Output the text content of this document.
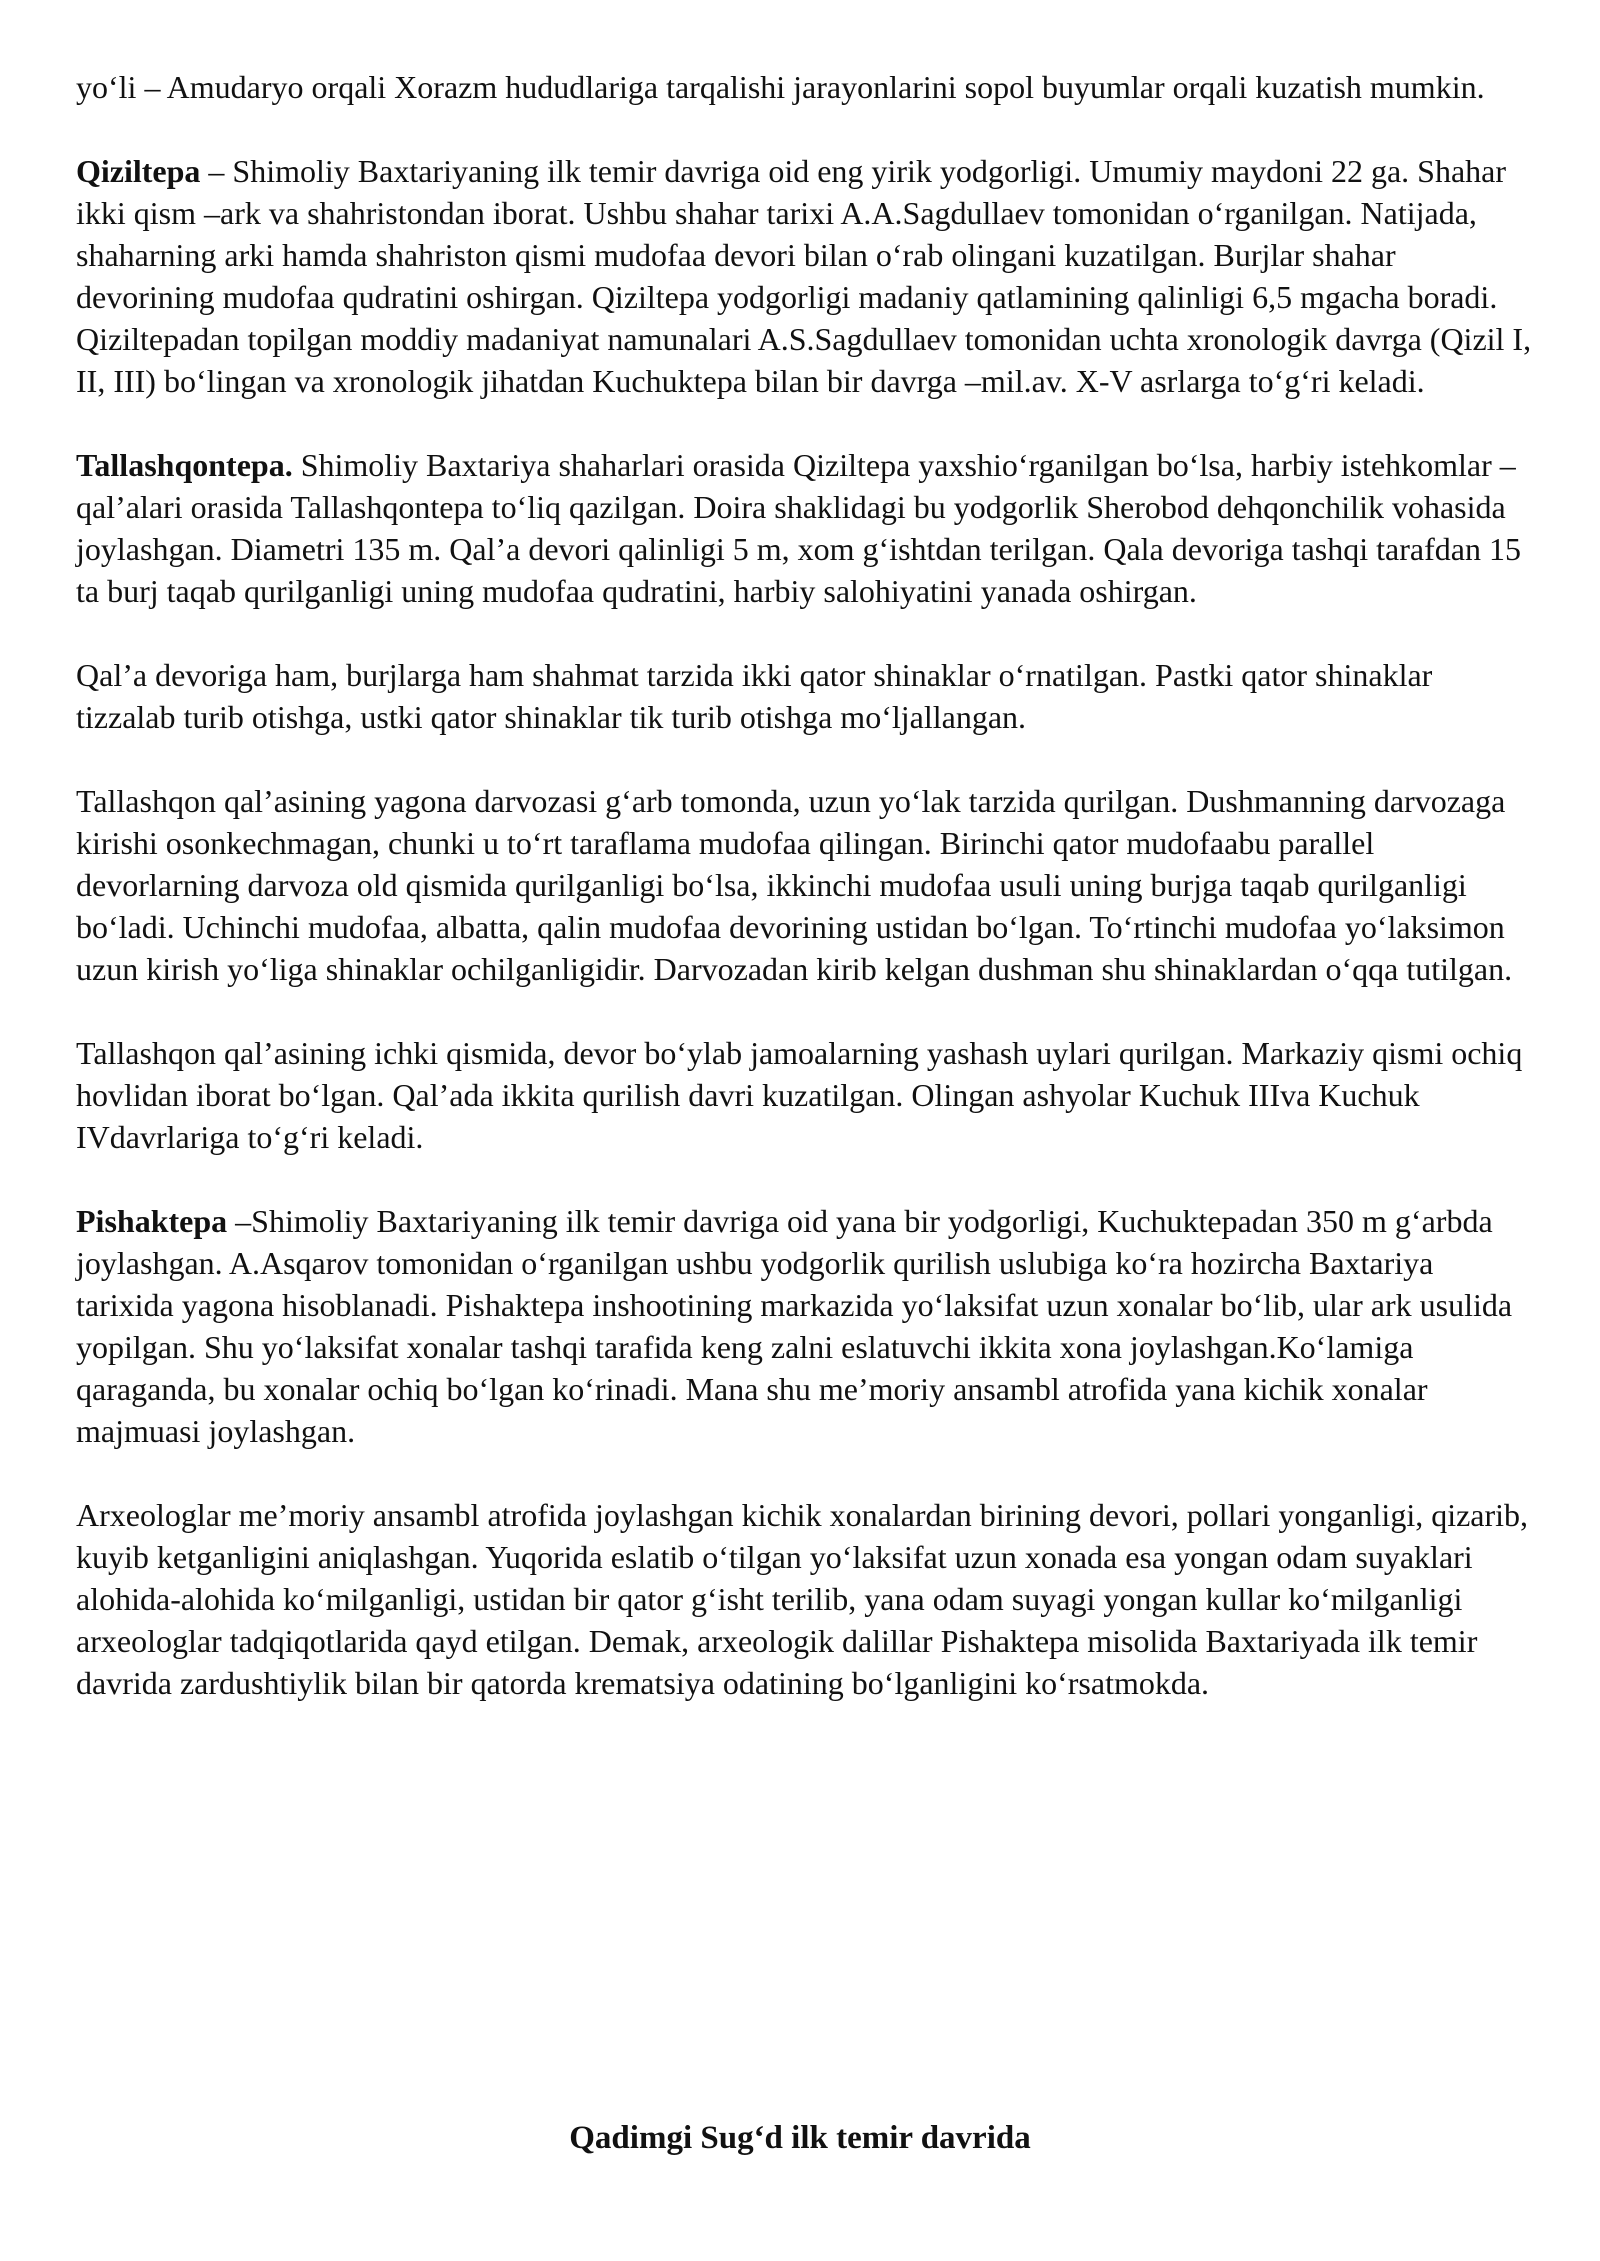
yo‘li – Amudaryo orqali Xorazm hududlariga tarqalishi jarayonlarini sopol buyumlar orqali kuzatish mumkin.

Qiziltepa – Shimoliy Baxtariyaning ilk temir davriga oid eng yirik yodgorligi. Umumiy maydoni 22 ga. Shahar ikki qism –ark va shahristondan iborat. Ushbu shahar tarixi A.A.Sagdullaev tomonidan o‘rganilgan. Natijada, shaharning arki hamda shahriston qismi mudofaa devori bilan o‘rab olingani kuzatilgan. Burjlar shahar devorining mudofaa qudratini oshirgan. Qiziltepa yodgorligi madaniy qatlamining qalinligi 6,5 mgacha boradi. Qiziltepadan topilgan moddiy madaniyat namunalari A.S.Sagdullaev tomonidan uchta xronologik davrga (Qizil I, II, III) bo‘lingan va xronologik jihatdan Kuchuktepa bilan bir davrga –mil.av. X-V asrlarga to‘g‘ri keladi.

Tallashqontepa. Shimoliy Baxtariya shaharlari orasida Qiziltepa yaxshio‘rganilgan bo‘lsa, harbiy istehkomlar – qal’alari orasida Tallashqontepa to‘liq qazilgan. Doira shaklidagi bu yodgorlik Sherobod dehqonchilik vohasida joylashgan. Diametri 135 m. Qal’a devori qalinligi 5 m, xom g‘ishtdan terilgan. Qala devoriga tashqi tarafdan 15 ta burj taqab qurilganligi uning mudofaa qudratini, harbiy salohiyatini yanada oshirgan.

Qal’a devoriga ham, burjlarga ham shahmat tarzida ikki qator shinaklar o‘rnatilgan. Pastki qator shinaklar tizzalab turib otishga, ustki qator shinaklar tik turib otishga mo‘ljallangan.

Tallashqon qal’asining yagona darvozasi g‘arb tomonda, uzun yo‘lak tarzida qurilgan. Dushmanning darvozaga kirishi osonkechmagan, chunki u to‘rt taraflama mudofaa qilingan. Birinchi qator mudofaabu parallel devorlarning darvoza old qismida qurilganligi bo‘lsa, ikkinchi mudofaa usuli uning burjga taqab qurilganligi bo‘ladi. Uchinchi mudofaa, albatta, qalin mudofaa devorining ustidan bo‘lgan. To‘rtinchi mudofaa yo‘laksimon uzun kirish yo‘liga shinaklar ochilganligidir. Darvozadan kirib kelgan dushman shu shinaklardan o‘qqa tutilgan.

Tallashqon qal’asining ichki qismida, devor bo‘ylab jamoalarning yashash uylari qurilgan. Markaziy qismi ochiq hovlidan iborat bo‘lgan. Qal’ada ikkita qurilish davri kuzatilgan. Olingan ashyolar Kuchuk IIIva Kuchuk IVdavrlariga to‘g‘ri keladi.

Pishaktepa –Shimoliy Baxtariyaning ilk temir davriga oid yana bir yodgorligi, Kuchuktepadan 350 m g‘arbda joylashgan. A.Asqarov tomonidan o‘rganilgan ushbu yodgorlik qurilish uslubiga ko‘ra hozircha Baxtariya tarixida yagona hisoblanadi. Pishaktepa inshootining markazida yo‘laksifat uzun xonalar bo‘lib, ular ark usulida yopilgan. Shu yo‘laksifat xonalar tashqi tarafida keng zalni eslatuvchi ikkita xona joylashgan.Ko‘lamiga qaraganda, bu xonalar ochiq bo‘lgan ko‘rinadi. Mana shu me’moriy ansambl atrofida yana kichik xonalar majmuasi joylashgan.

Arxeologlar me’moriy ansambl atrofida joylashgan kichik xonalardan birining devori, pollari yonganligi, qizarib, kuyib ketganligini aniqlashgan. Yuqorida eslatib o‘tilgan yo‘laksifat uzun xonada esa yongan odam suyaklari alohida-alohida ko‘milganligi, ustidan bir qator g‘isht terilib, yana odam suyagi yongan kullar ko‘milganligi arxeologlar tadqiqotlarida qayd etilgan. Demak, arxeologik dalillar Pishaktepa misolida Baxtariyada ilk temir davrida zardushtiylik bilan bir qatorda krematsiya odatining bo‘lganligini ko‘rsatmokda.

Qadimgi Sug‘d ilk temir davrida
